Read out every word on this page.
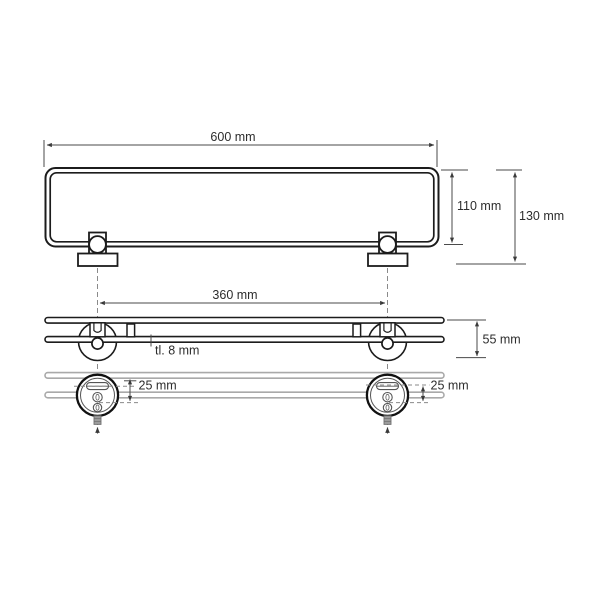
600 mm
110 mm
130 mm
360 mm
tl. 8 mm
55 mm
25 mm	25 mm
